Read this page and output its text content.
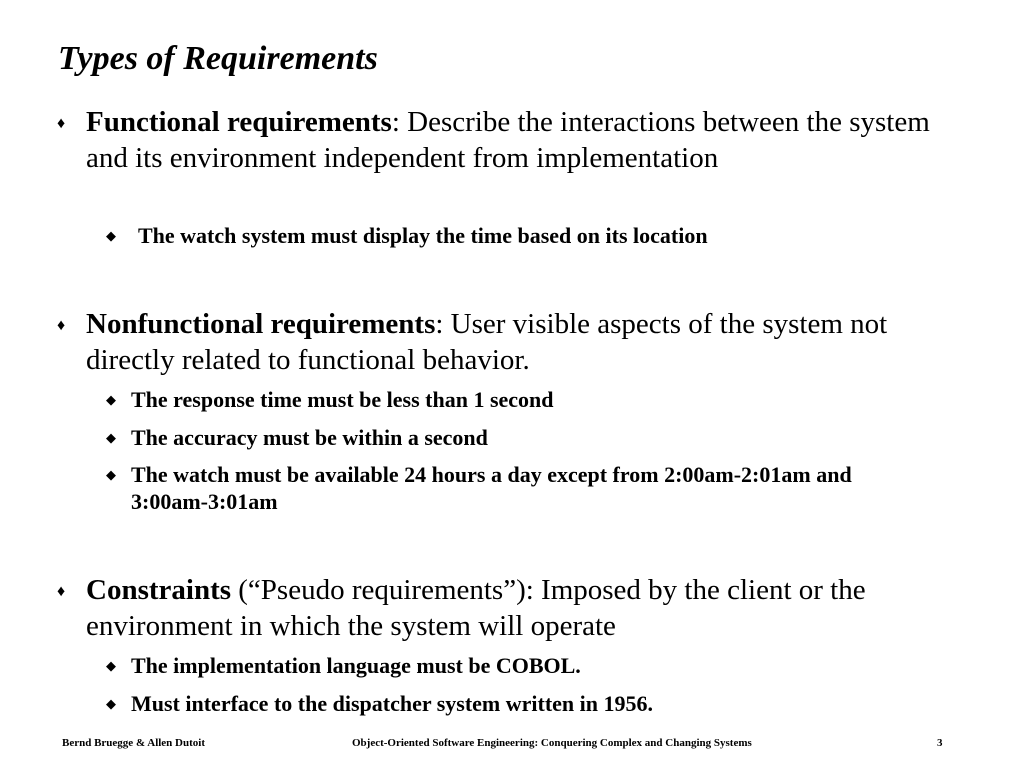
Types of Requirements
♦ Functional requirements: Describe the interactions between the system and its environment independent from implementation
◆ The watch system must display the time based on its location
♦ Nonfunctional requirements: User visible aspects of the system not directly related to functional behavior.
◆ The response time must be less than 1 second
◆ The accuracy must be within a second
◆ The watch must be available 24 hours a day except from 2:00am-2:01am and 3:00am-3:01am
♦ Constraints (“Pseudo requirements”): Imposed by the client or the environment in which the system will operate
◆ The implementation language must be COBOL.
◆ Must interface to the dispatcher system written in 1956.
Bernd Bruegge & Allen Dutoit	Object-Oriented Software Engineering: Conquering Complex and Changing Systems	3
